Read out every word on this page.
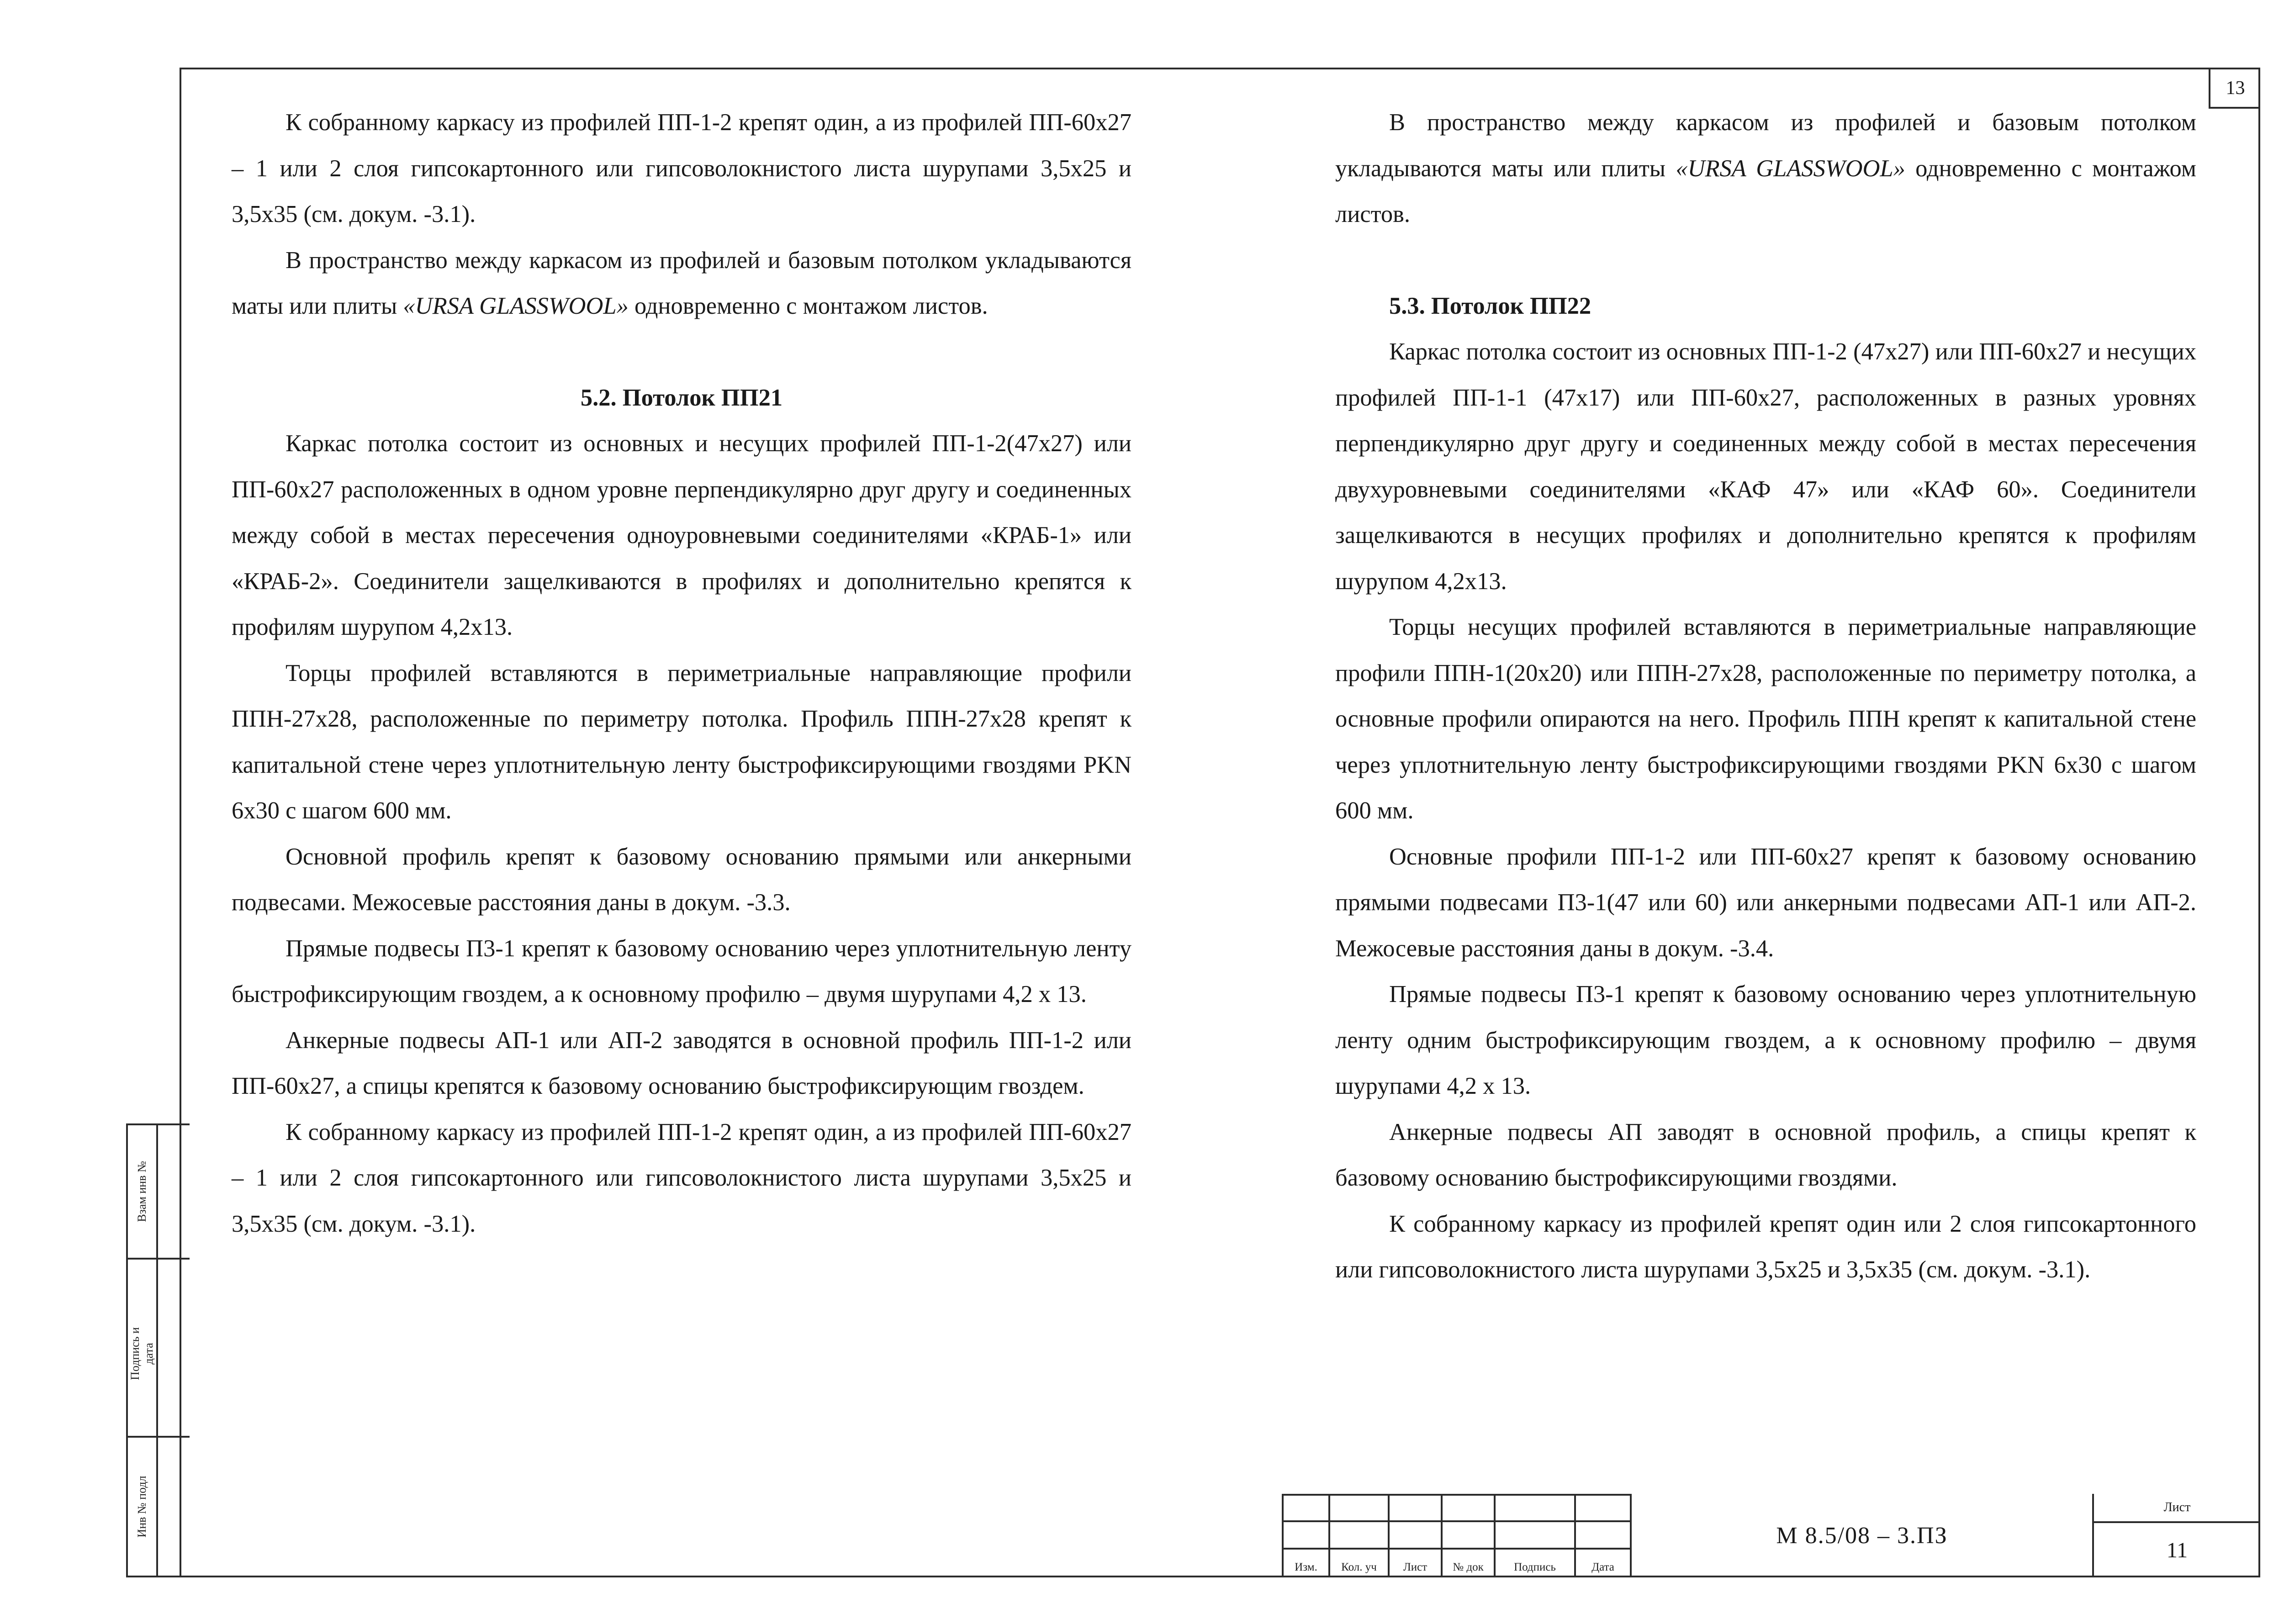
13

К собранному каркасу из профилей ПП-1-2 крепят один, а из профилей ПП-60х27 – 1 или 2 слоя гипсокартонного или гипсоволокнистого листа шурупами 3,5х25 и 3,5х35 (см. докум. -3.1).

В пространство между каркасом из профилей и базовым потолком укладываются маты или плиты «URSA GLASSWOOL» одновременно с монтажом листов.

5.2. Потолок ПП21

Каркас потолка состоит из основных и несущих профилей ПП-1-2(47х27) или ПП-60х27 расположенных в одном уровне перпендикулярно друг другу и соединенных между собой в местах пересечения одноуровневыми соединителями «КРАБ-1» или «КРАБ-2». Соединители защелкиваются в профилях и дополнительно крепятся к профилям шурупом 4,2х13.

Торцы профилей вставляются в периметриальные направляющие профили ППН-27х28, расположенные по периметру потолка. Профиль ППН-27х28 крепят к капитальной стене через уплотнительную ленту быстрофиксирующими гвоздями PKN 6х30 с шагом 600 мм.

Основной профиль крепят к базовому основанию прямыми или анкерными подвесами. Межосевые расстояния даны в докум. -3.3.

Прямые подвесы П3-1 крепят к базовому основанию через уплотнительную ленту быстрофиксирующим гвоздем, а к основному профилю – двумя шурупами 4,2 х 13.

Анкерные подвесы АП-1 или АП-2 заводятся в основной профиль ПП-1-2 или ПП-60х27, а спицы крепятся к базовому основанию быстрофиксирующим гвоздем.

К собранному каркасу из профилей ПП-1-2 крепят один, а из профилей ПП-60х27 – 1 или 2 слоя гипсокартонного или гипсоволокнистого листа шурупами 3,5х25 и 3,5х35 (см. докум. -3.1).

В пространство между каркасом из профилей и базовым потолком укладываются маты или плиты «URSA GLASSWOOL» одновременно с монтажом листов.

5.3. Потолок ПП22

Каркас потолка состоит из основных ПП-1-2 (47х27) или ПП-60х27 и несущих профилей ПП-1-1 (47х17) или ПП-60х27, расположенных в разных уровнях перпендикулярно друг другу и соединенных между собой в местах пересечения двухуровневыми соединителями «КАФ 47» или «КАФ 60». Соединители защелкиваются в несущих профилях и дополнительно крепятся к профилям шурупом 4,2х13.

Торцы несущих профилей вставляются в периметриальные направляющие профили ППН-1(20х20) или ППН-27х28, расположенные по периметру потолка, а основные профили опираются на него. Профиль ППН крепят к капитальной стене через уплотнительную ленту быстрофиксирующими гвоздями PKN 6х30 с шагом 600 мм.

Основные профили ПП-1-2 или ПП-60х27 крепят к базовому основанию прямыми подвесами П3-1(47 или 60) или анкерными подвесами АП-1 или АП-2. Межосевые расстояния даны в докум. -3.4.

Прямые подвесы П3-1 крепят к базовому основанию через уплотнительную ленту одним быстрофиксирующим гвоздем, а к основному профилю – двумя шурупами 4,2 х 13.

Анкерные подвесы АП заводят в основной профиль, а спицы крепят к базовому основанию быстрофиксирующими гвоздями.

К собранному каркасу из профилей крепят один или 2 слоя гипсокартонного или гипсоволокнистого листа шурупами 3,5х25 и 3,5х35 (см. докум. -3.1).

Взам инв №
Подпись и дата
Инв № подл
Изм.	Кол. уч	Лист	№ док	Подпись	Дата
М 8.5/08 – 3.ПЗ
Лист
11
